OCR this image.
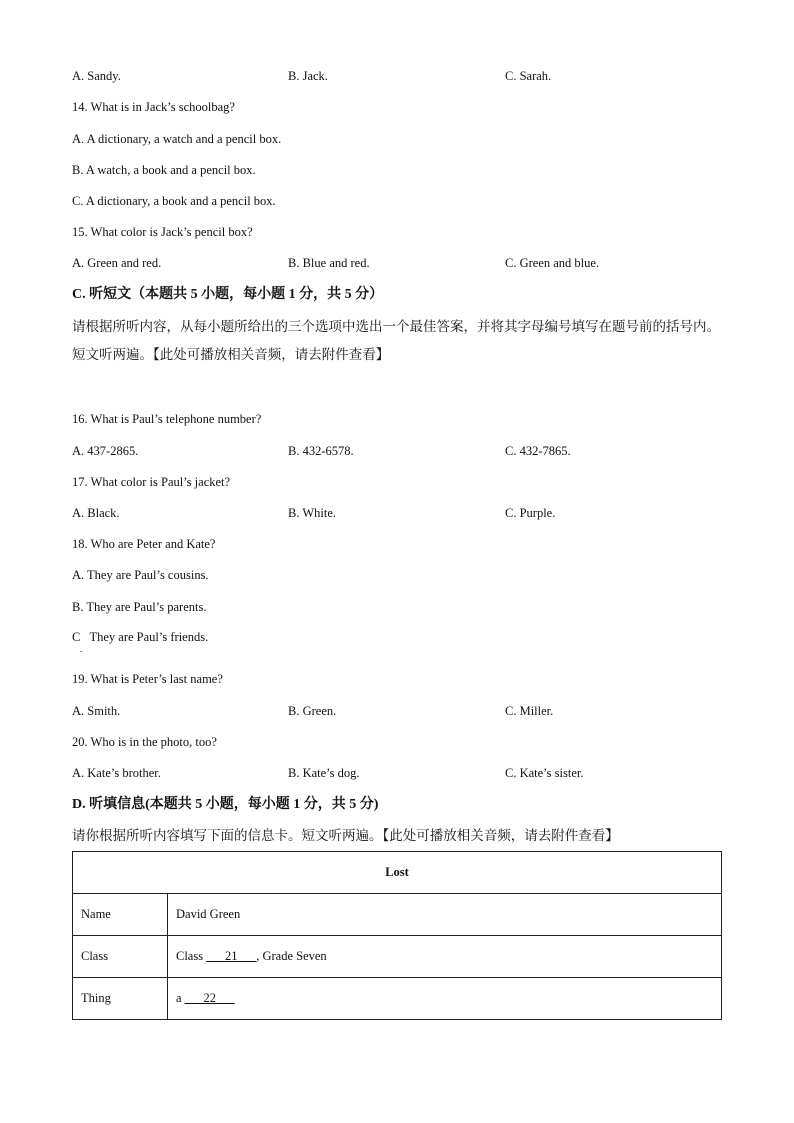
A. Sandy.	B. Jack.	C. Sarah.
14. What is in Jack’s schoolbag?
A. A dictionary, a watch and a pencil box.
B. A watch, a book and a pencil box.
C. A dictionary, a book and a pencil box.
15. What color is Jack’s pencil box?
A. Green and red.	B. Blue and red.	C. Green and blue.
C. 听短文（本题共 5 小题，每小题 1 分，共 5 分）
请根据所听内容，从每小题所给出的三个选项中选出一个最佳答案，并将其字母编号填写在题号前的括号内。短文听两遍。【此处可播放相关音频，请去附件查看】
16. What is Paul’s telephone number?
A. 437-2865.	B. 432-6578.	C. 432-7865.
17. What color is Paul’s jacket?
A. Black.	B. White.	C. Purple.
18. Who are Peter and Kate?
A. They are Paul’s cousins.
B. They are Paul’s parents.
C   They are Paul’s friends.
.
19. What is Peter’s last name?
A. Smith.	B. Green.	C. Miller.
20. Who is in the photo, too?
A. Kate’s brother.	B. Kate’s dog.	C. Kate’s sister.
D. 听填信息(本题共 5 小题，每小题 1 分，共 5 分)
请你根据所听内容填写下面的信息卡。短文听两遍。【此处可播放相关音频，请去附件查看】
Lost	
Name	David Green
Class	Class ___21___, Grade Seven
Thing	a ___22___
